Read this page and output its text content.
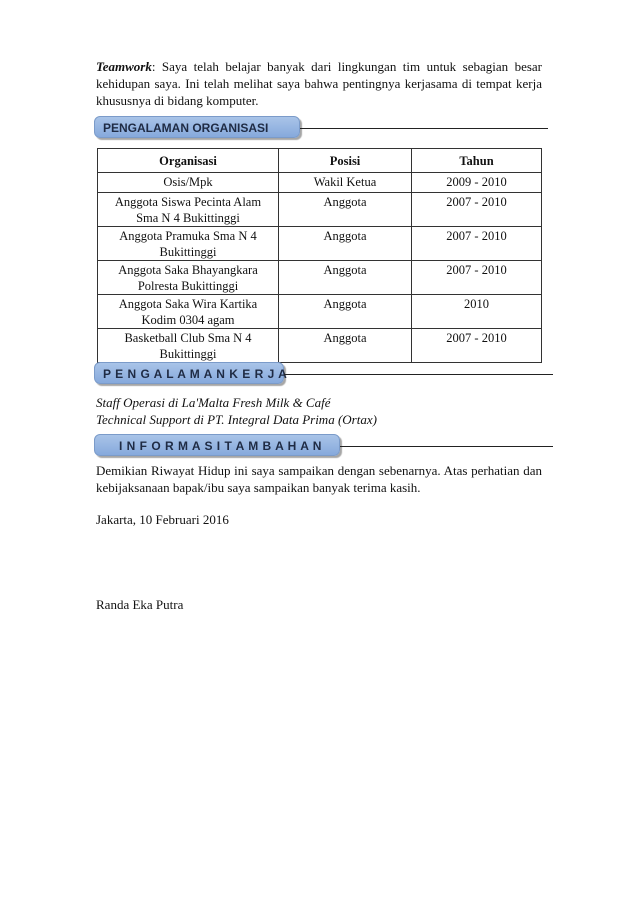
Teamwork: Saya telah belajar banyak dari lingkungan tim untuk sebagian besar kehidupan saya. Ini telah melihat saya bahwa pentingnya kerjasama di tempat kerja khususnya di bidang komputer.
PENGALAMAN ORGANISASI
Organisasi	Posisi	Tahun
Osis/Mpk	Wakil Ketua	2009 - 2010
Anggota Siswa Pecinta Alam Sma N 4 Bukittinggi	Anggota	2007 - 2010
Anggota Pramuka Sma N 4 Bukittinggi	Anggota	2007 - 2010
Anggota Saka Bhayangkara Polresta Bukittinggi	Anggota	2007 - 2010
Anggota Saka Wira Kartika Kodim 0304 agam	Anggota	2010
Basketball Club Sma N 4 Bukittinggi	Anggota	2007 - 2010
P E N G A L A M A N K E R J A
Staff Operasi di La'Malta Fresh Milk & Café
Technical Support di PT. Integral Data Prima (Ortax)
I N F O R M A S I T A M B A H A N
Demikian Riwayat Hidup ini saya sampaikan dengan sebenarnya. Atas perhatian dan kebijaksanaan bapak/ibu saya sampaikan banyak terima kasih.
Jakarta, 10 Februari 2016
Randa Eka Putra
